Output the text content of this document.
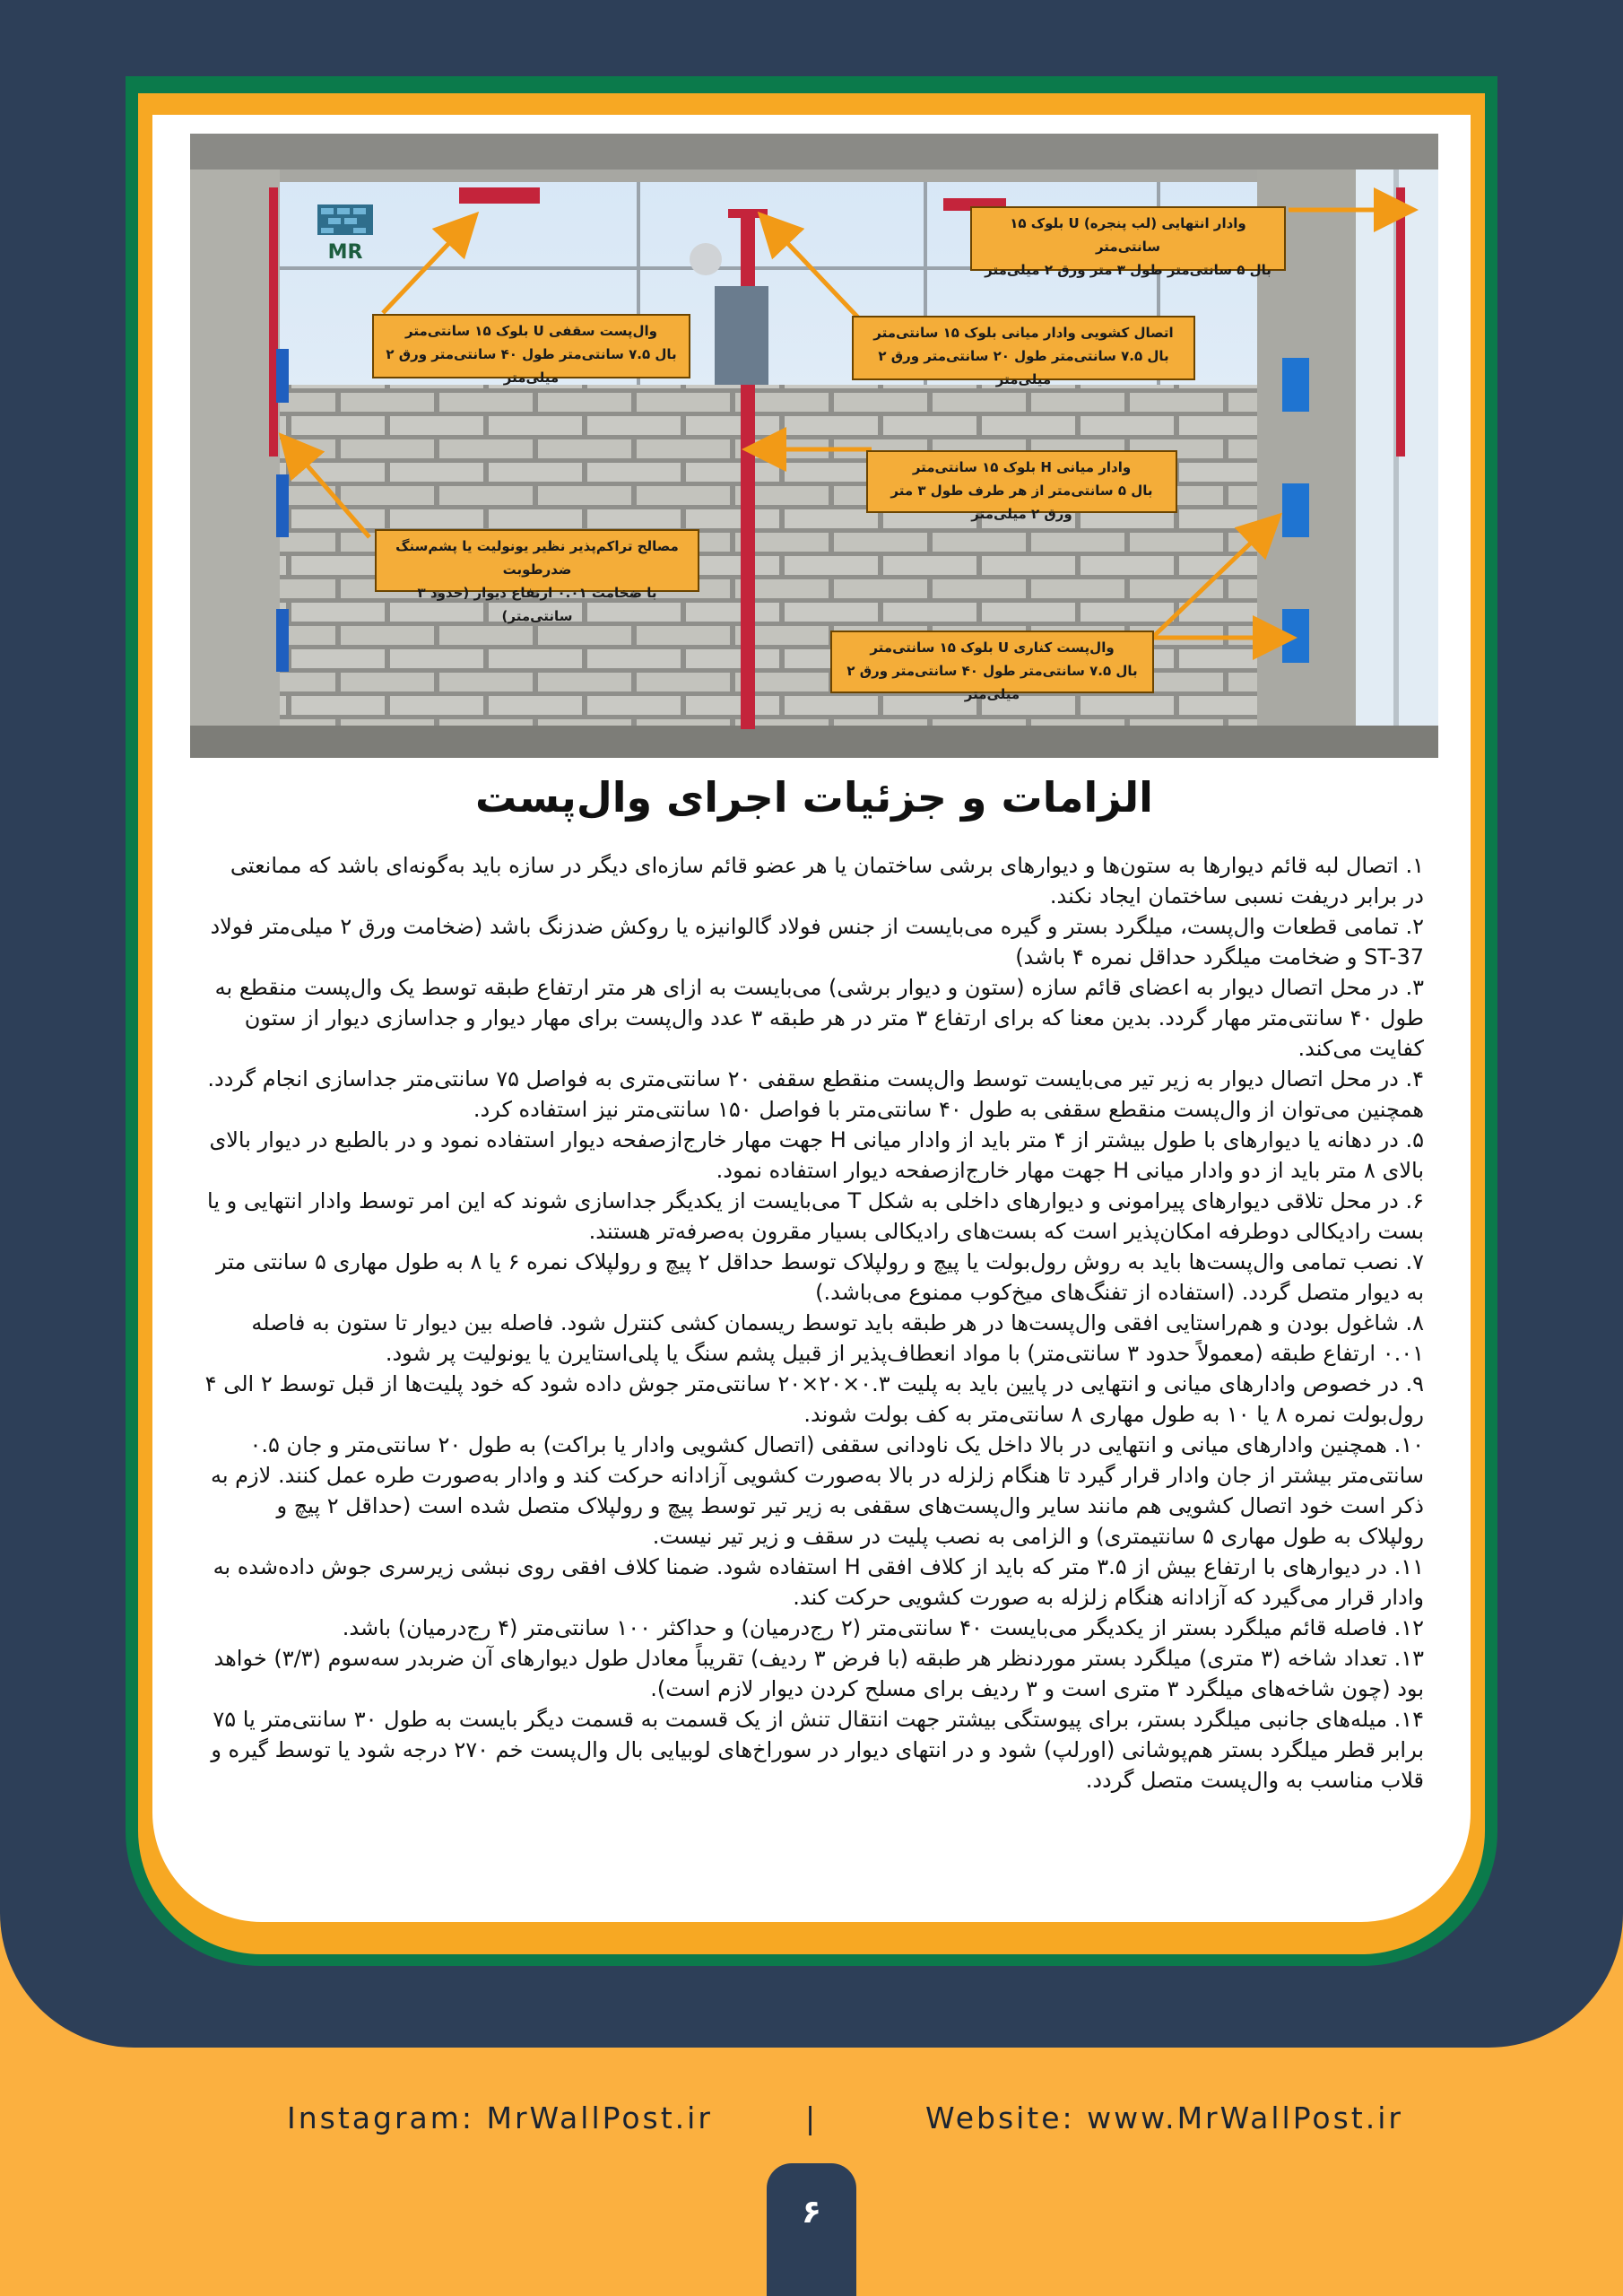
MR
وادار انتهایی (لب پنجره) U بلوک ۱۵ سانتی‌متر
بال ۵ سانتی‌متر طول ۳ متر ورق ۲ میلی‌متر
وال‌پست سقفی U بلوک ۱۵ سانتی‌متر
بال ۷.۵ سانتی‌متر طول ۴۰ سانتی‌متر ورق ۲ میلی‌متر
اتصال کشویی وادار میانی بلوک ۱۵ سانتی‌متر
بال ۷.۵ سانتی‌متر طول ۲۰ سانتی‌متر ورق ۲ میلی‌متر
وادار میانی H بلوک ۱۵ سانتی‌متر
بال ۵ سانتی‌متر از هر طرف طول ۳ متر ورق ۲ میلی‌متر
مصالح تراکم‌پذیر نظیر یونولیت یا پشم‌سنگ ضدرطوبت
با ضخامت ۰.۰۱ ارتفاع دیوار (حدود ۳ سانتی‌متر)
وال‌پست کناری U بلوک ۱۵ سانتی‌متر
بال ۷.۵ سانتی‌متر طول ۴۰ سانتی‌متر ورق ۲ میلی‌متر
الزامات و جزئیات اجرای وال‌پست

۱. اتصال لبه قائم دیوارها به ستون‌ها و دیوارهای برشی ساختمان یا هر عضو قائم سازه‌ای دیگر در سازه باید به‌گونه‌ای باشد که ممانعتی در برابر دریفت نسبی ساختمان ایجاد نکند.

۲. تمامی قطعات وال‌پست، میلگرد بستر و گیره می‌بایست از جنس فولاد گالوانیزه یا روکش ضدزنگ باشد (ضخامت ورق ۲ میلی‌متر فولاد ST-37 و ضخامت میلگرد حداقل نمره ۴ باشد)

۳. در محل اتصال دیوار به اعضای قائم سازه (ستون و دیوار برشی) می‌بایست به ازای هر متر ارتفاع طبقه توسط یک وال‌پست منقطع به طول ۴۰ سانتی‌متر مهار گردد. بدین معنا که برای ارتفاع ۳ متر در هر طبقه ۳ عدد وال‌پست برای مهار دیوار و جداسازی دیوار از ستون کفایت می‌کند.

۴. در محل اتصال دیوار به زیر تیر می‌بایست توسط وال‌پست منقطع سقفی ۲۰ سانتی‌متری به فواصل ۷۵ سانتی‌متر جداسازی انجام گردد. همچنین می‌توان از وال‌پست منقطع سقفی به طول ۴۰ سانتی‌متر با فواصل ۱۵۰ سانتی‌متر نیز استفاده کرد.

۵. در دهانه یا دیوارهای با طول بیشتر از ۴ متر باید از وادار میانی H جهت مهار خارج‌ازصفحه دیوار استفاده نمود و در بالطبع در دیوار بالای بالای ۸ متر باید از دو وادار میانی H جهت مهار خارج‌ازصفحه دیوار استفاده نمود.

۶. در محل تلاقی دیوارهای پیرامونی و دیوارهای داخلی به شکل T می‌بایست از یکدیگر جداسازی شوند که این امر توسط وادار انتهایی و یا بست رادیکالی دوطرفه امکان‌پذیر است که بست‌های رادیکالی بسیار مقرون به‌صرفه‌تر هستند.

۷. نصب تمامی وال‌پست‌ها باید به روش رول‌بولت یا پیچ و رولپلاک توسط حداقل ۲ پیچ و رولپلاک نمره ۶ یا ۸ به طول مهاری ۵ سانتی متر به دیوار متصل گردد. (استفاده از تفنگ‌های میخ‌کوب ممنوع می‌باشد.)

۸. شاغول بودن و هم‌راستایی افقی وال‌پست‌ها در هر طبقه باید توسط ریسمان کشی کنترل شود. فاصله بین دیوار تا ستون به فاصله ۰.۰۱ ارتفاع طبقه (معمولاً حدود ۳ سانتی‌متر) با مواد انعطاف‌پذیر از قبیل پشم سنگ یا پلی‌استایرن یا یونولیت پر شود.

۹. در خصوص وادارهای میانی و انتهایی در پایین باید به پلیت ۰.۳×۲۰×۲۰ سانتی‌متر جوش داده شود که خود پلیت‌ها از قبل توسط ۲ الی ۴ رول‌بولت نمره ۸ یا ۱۰ به طول مهاری ۸ سانتی‌متر به کف بولت شوند.

۱۰. همچنین وادارهای میانی و انتهایی در بالا داخل یک ناودانی سقفی (اتصال کشویی وادار یا براکت) به طول ۲۰ سانتی‌متر و جان ۰.۵ سانتی‌متر بیشتر از جان وادار قرار گیرد تا هنگام زلزله در بالا به‌صورت کشویی آزادانه حرکت کند و وادار به‌صورت طره عمل کنند. لازم به ذکر است خود اتصال کشویی هم مانند سایر وال‌پست‌های سقفی به زیر تیر توسط پیچ و رولپلاک متصل شده است (حداقل ۲ پیچ و رولپلاک به طول مهاری ۵ سانتیمتری) و الزامی به نصب پلیت در سقف و زیر تیر نیست.

۱۱. در دیوارهای با ارتفاع بیش از ۳.۵ متر که باید از کلاف افقی H استفاده شود. ضمنا کلاف افقی روی نبشی زیرسری جوش داده‌شده به وادار قرار می‌گیرد که آزادانه هنگام زلزله به صورت کشویی حرکت کند.

۱۲. فاصله قائم میلگرد بستر از یکدیگر می‌بایست ۴۰ سانتی‌متر (۲ رج‌درمیان) و حداکثر ۱۰۰ سانتی‌متر (۴ رج‌درمیان) باشد.

۱۳. تعداد شاخه (۳ متری) میلگرد بستر موردنظر هر طبقه (با فرض ۳ ردیف) تقریباً معادل طول دیوارهای آن ضربدر سه‌سوم (۳/۳) خواهد بود (چون شاخه‌های میلگرد ۳ متری است و ۳ ردیف برای مسلح کردن دیوار لازم است).

۱۴. میله‌های جانبی میلگرد بستر، برای پیوستگی بیشتر جهت انتقال تنش از یک قسمت به قسمت دیگر بایست به طول ۳۰ سانتی‌متر یا ۷۵ برابر قطر میلگرد بستر هم‌پوشانی (اورلپ) شود و در انتهای دیوار در سوراخ‌های لوبیایی بال وال‌پست خم ۲۷۰ درجه شود یا توسط گیره و قلاب مناسب به وال‌پست متصل گردد.

Instagram: MrWallPost.ir	|	Website: www.MrWallPost.ir
۶
